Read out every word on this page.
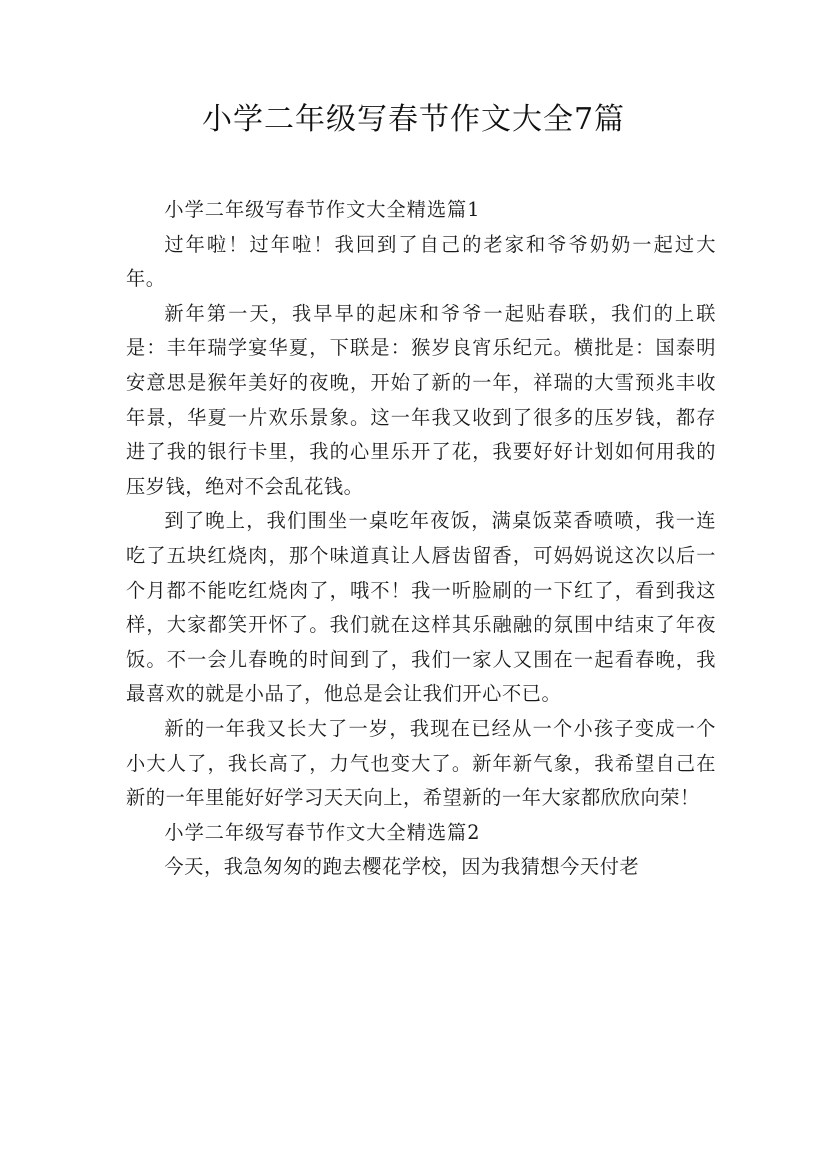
小学二年级写春节作文大全7篇

小学二年级写春节作文大全精选篇1

过年啦！过年啦！我回到了自己的老家和爷爷奶奶一起过大年。

新年第一天，我早早的起床和爷爷一起贴春联，我们的上联是：丰年瑞学宴华夏，下联是：猴岁良宵乐纪元。横批是：国泰明安意思是猴年美好的夜晚，开始了新的一年，祥瑞的大雪预兆丰收年景，华夏一片欢乐景象。这一年我又收到了很多的压岁钱，都存进了我的银行卡里，我的心里乐开了花，我要好好计划如何用我的压岁钱，绝对不会乱花钱。

到了晚上，我们围坐一桌吃年夜饭，满桌饭菜香喷喷，我一连吃了五块红烧肉，那个味道真让人唇齿留香，可妈妈说这次以后一个月都不能吃红烧肉了，哦不！我一听脸刷的一下红了，看到我这样，大家都笑开怀了。我们就在这样其乐融融的氛围中结束了年夜饭。不一会儿春晚的时间到了，我们一家人又围在一起看春晚，我最喜欢的就是小品了，他总是会让我们开心不已。

新的一年我又长大了一岁，我现在已经从一个小孩子变成一个小大人了，我长高了，力气也变大了。新年新气象，我希望自己在新的一年里能好好学习天天向上，希望新的一年大家都欣欣向荣！

小学二年级写春节作文大全精选篇2

今天，我急匆匆的跑去樱花学校，因为我猜想今天付老
